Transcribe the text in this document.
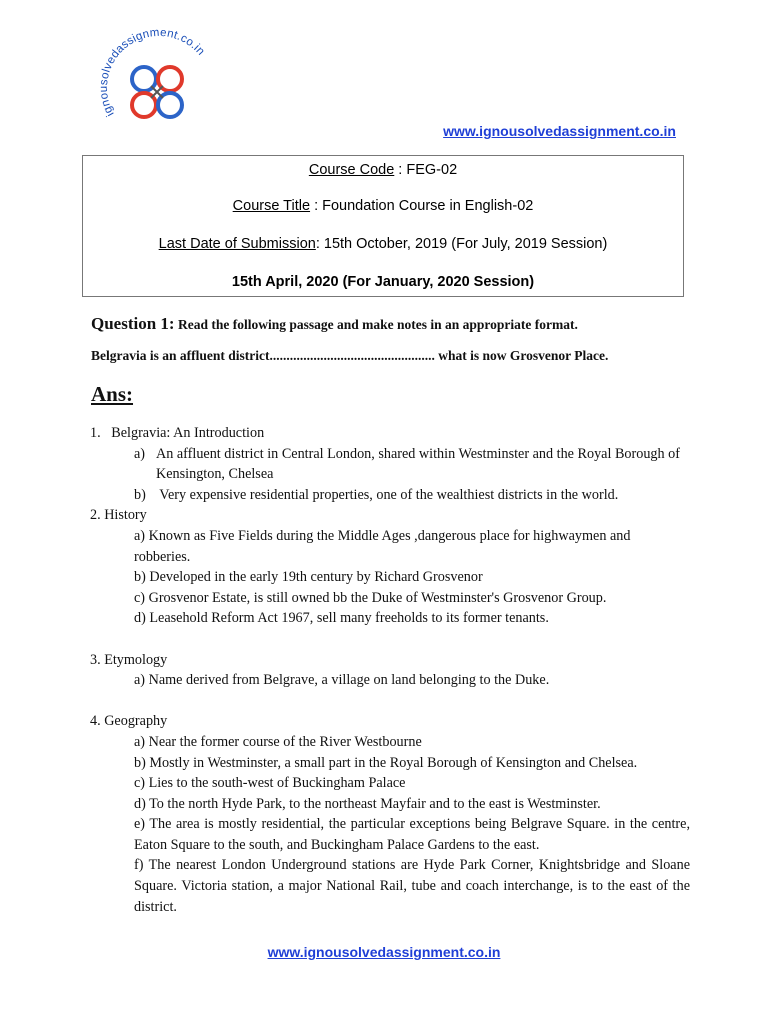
ignousolvedassignment.co.in
www.ignousolvedassignment.co.in
Course Code : FEG-02
Course Title : Foundation Course in English-02
Last Date of Submission: 15th October, 2019 (For July, 2019 Session)
15th April, 2020 (For January, 2020 Session)
Question 1: Read the following passage and make notes in an appropriate format.
Belgravia is an affluent district................................................. what is now Grosvenor Place.
Ans:
1.   Belgravia: An Introduction
a) An affluent district in Central London, shared within Westminster and the Royal Borough of Kensington, Chelsea
b) Very expensive residential properties, one of the wealthiest districts in the world.
2. History
a) Known as Five Fields during the Middle Ages ,dangerous place for highwaymen and robberies.
b) Developed in the early 19th century by Richard Grosvenor
c) Grosvenor Estate, is still owned bb the Duke of Westminster's Grosvenor Group.
d) Leasehold Reform Act 1967, sell many freeholds to its former tenants.
3. Etymology
a) Name derived from Belgrave, a village on land belonging to the Duke.
4. Geography
a) Near the former course of the River Westbourne
b) Mostly in Westminster, a small part in the Royal Borough of Kensington and Chelsea.
c) Lies to the south-west of Buckingham Palace
d) To the north Hyde Park, to the northeast Mayfair and to the east is Westminster.
e) The area is mostly residential, the particular exceptions being Belgrave Square. in the centre, Eaton Square to the south, and Buckingham Palace Gardens to the east.
f) The nearest London Underground stations are Hyde Park Corner, Knightsbridge and Sloane Square. Victoria station, a major National Rail, tube and coach interchange, is to the east of the district.
www.ignousolvedassignment.co.in
